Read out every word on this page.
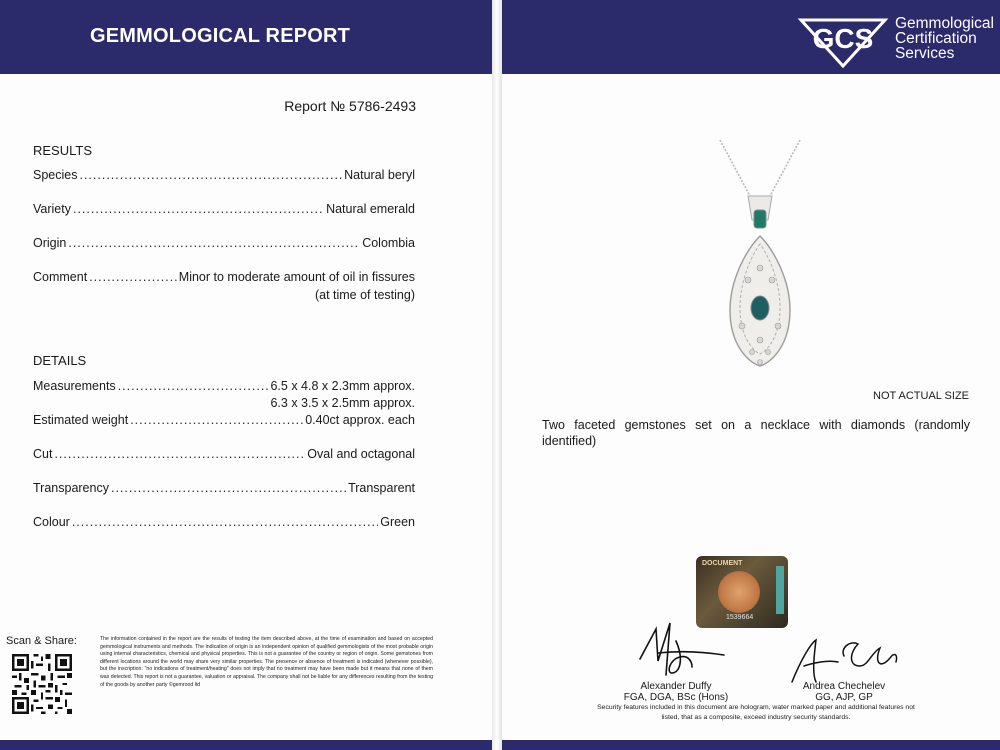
GEMMOLOGICAL REPORT
Report № 5786-2493
RESULTS
Species .....	Natural beryl
Variety .....	Natural emerald
Origin .....	Colombia
Comment .....	Minor to moderate amount of oil in fissures
(at time of testing)
DETAILS
Measurements .....	6.5 x 4.8 x 2.3mm approx.
6.3 x 3.5 x 2.5mm approx.
Estimated weight .....	0.40ct approx. each
Cut .....	Oval and octagonal
Transparency .....	Transparent
Colour .....	Green
Scan & Share:	The information contained in the report are the results of testing the item described above, at the time of examination and based on accepted gemmological instruments and methods. The indication of origin is an independent opinion of qualified gemmologists of the most probable origin using internal characteristics, chemical and physical properties. This is not a guarantee of the country or region of origin. Some gemstones from different locations around the world may share very similar properties. The presence or absence of treatment is indicated (whenever possible), but the inscription: "no indications of treatment/heating" does not imply that no treatment may have been made but it means that none of them was detected. This report is not a guarantee, valuation or appraisal. The company shall not be liable for any differences resulting from the testing of the goods by another party ©gemrood ltd
GCS Gemmological
Certification
Services
NOT ACTUAL SIZE
Two faceted gemstones set on a necklace with diamonds (randomly identified)
DOCUMENT
1539664
Alexander Duffy
FGA, DGA, BSc (Hons)
Andrea Chechelev
GG, AJP, GP
Security features included in this document are hologram, water marked paper and additional features not listed, that as a composite, exceed industry security standards.
